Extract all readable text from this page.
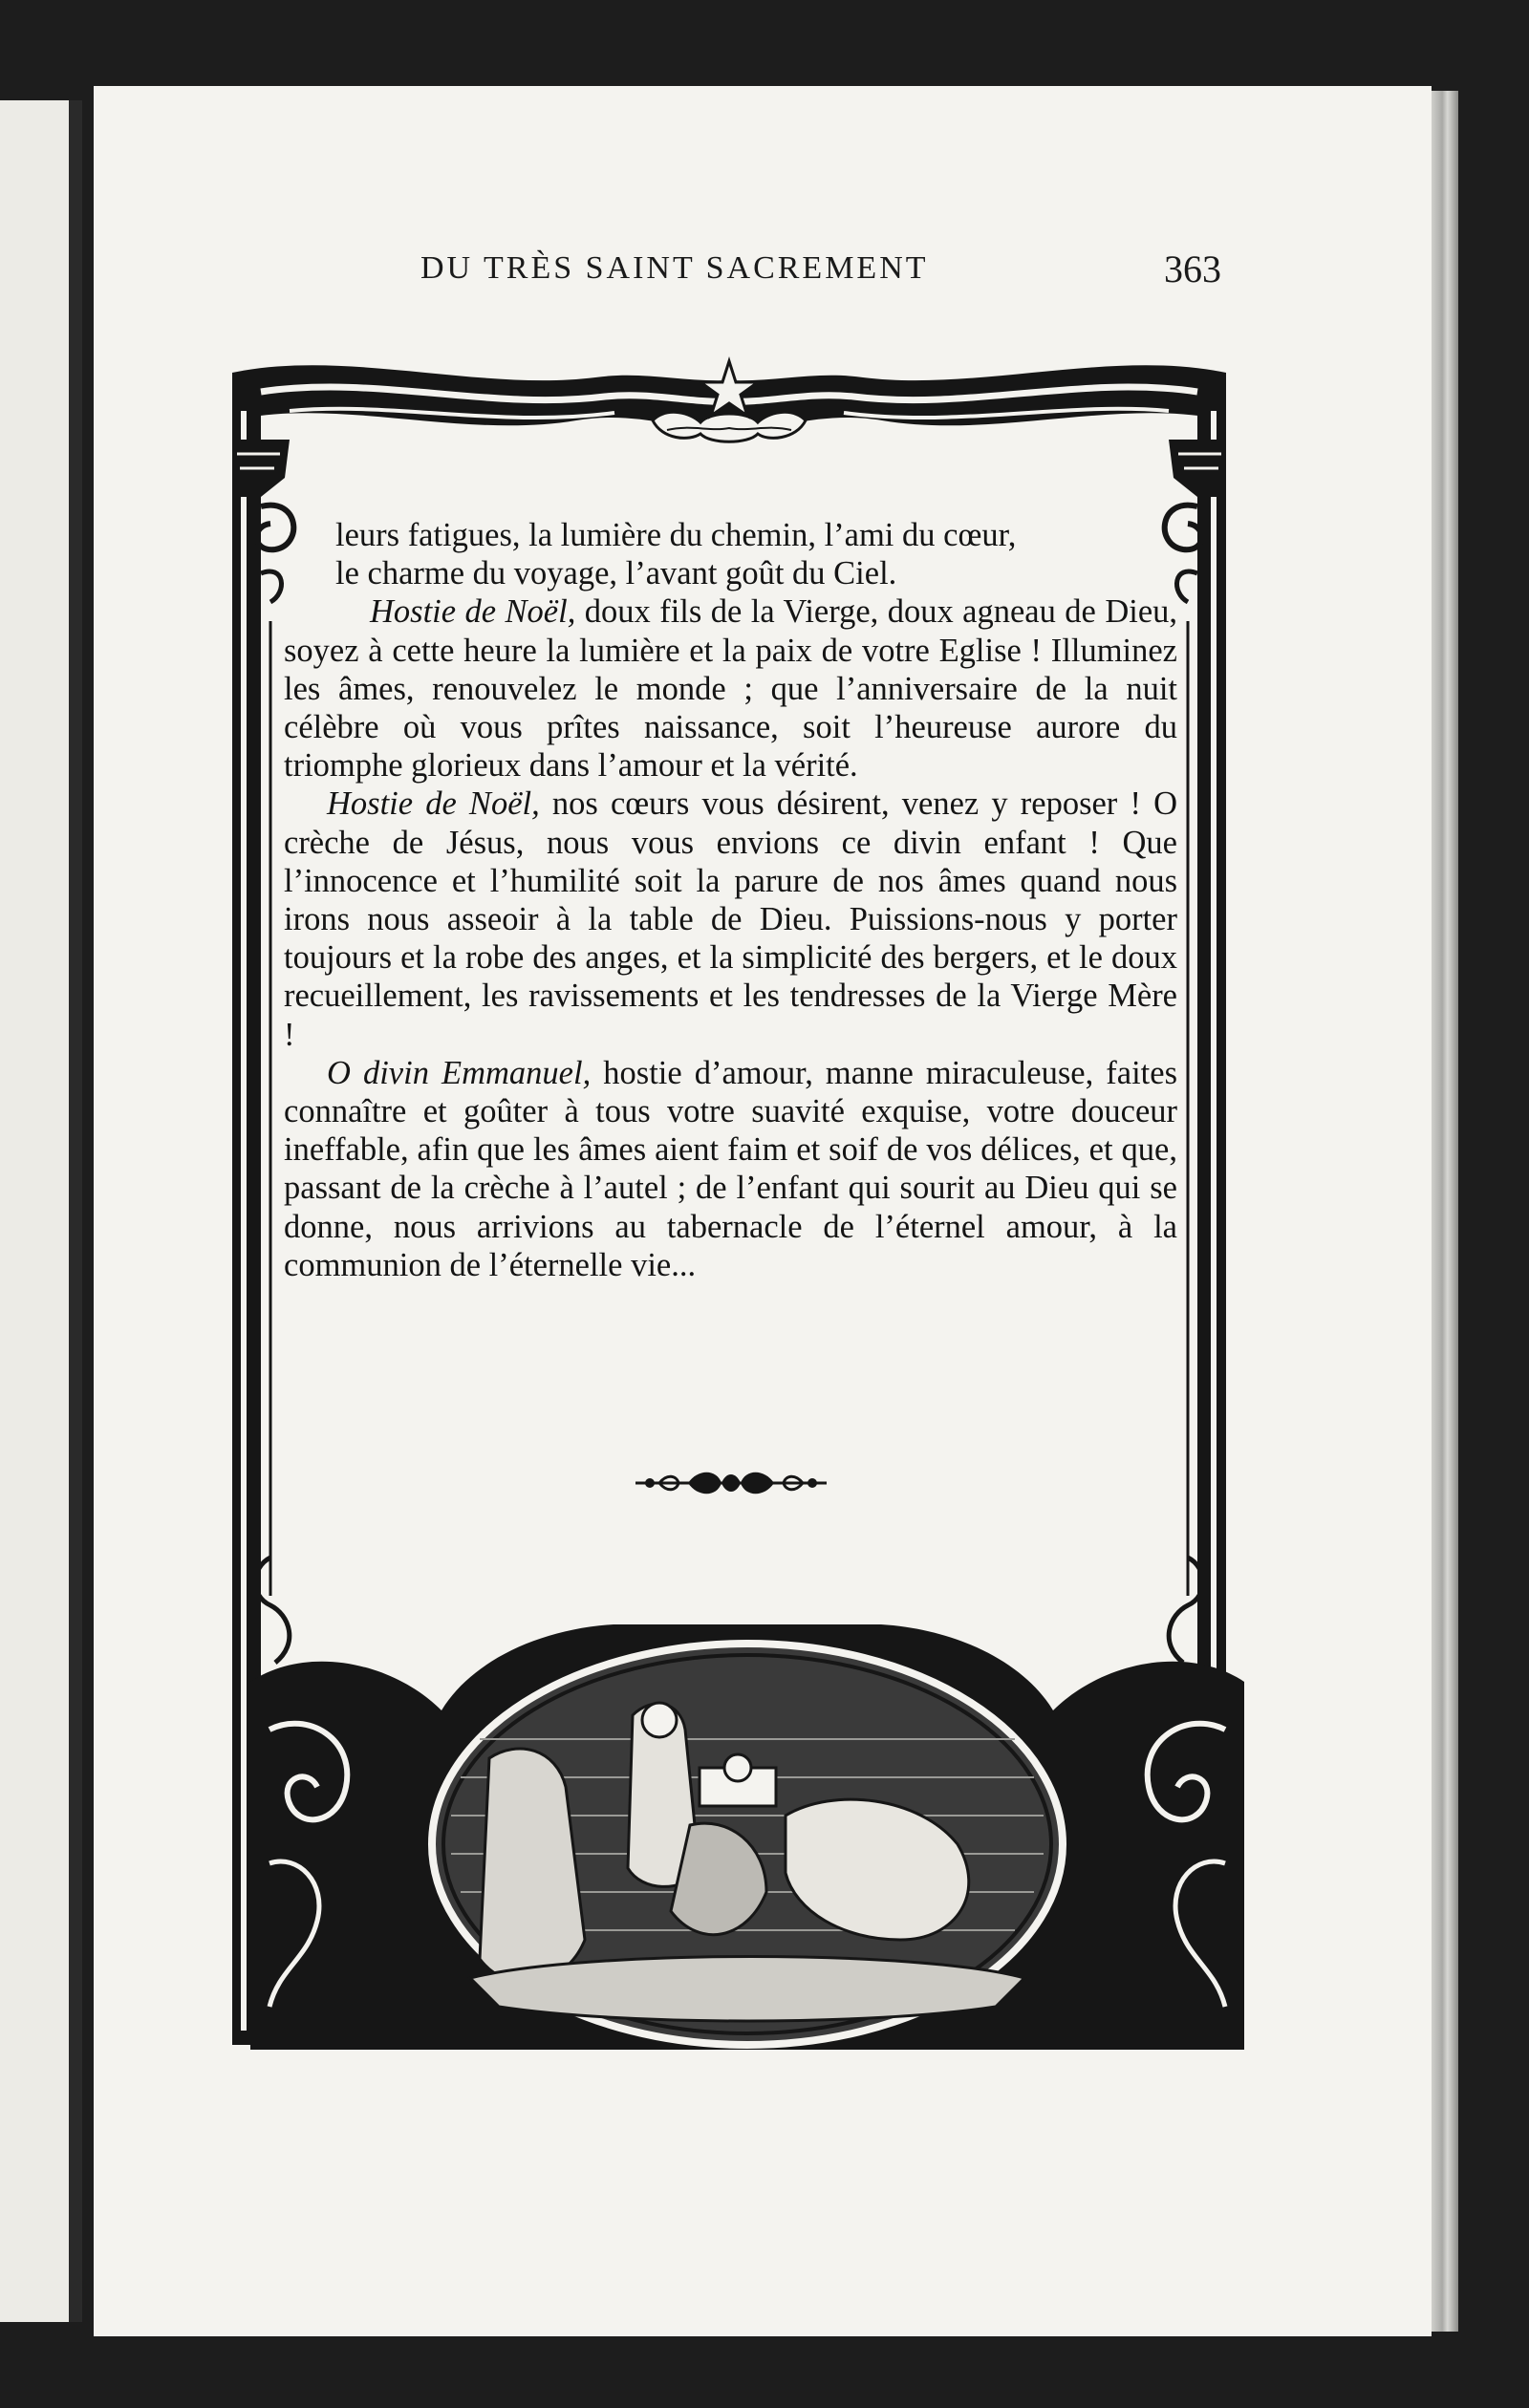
DU TRÈS SAINT SACREMENT	363

leurs fatigues, la lumière du chemin, l’ami du cœur,

le charme du voyage, l’avant goût du Ciel.

Hostie de Noël, doux fils de la Vierge, doux agneau de Dieu, soyez à cette heure la lumière et la paix de votre Eglise ! Illuminez les âmes, renouvelez le monde ; que l’anniversaire de la nuit célèbre où vous prîtes naissance, soit l’heureuse aurore du triomphe glorieux dans l’amour et la vérité.

Hostie de Noël, nos cœurs vous désirent, venez y reposer ! O crèche de Jésus, nous vous envions ce divin enfant ! Que l’innocence et l’humilité soit la parure de nos âmes quand nous irons nous asseoir à la table de Dieu. Puissions-nous y porter toujours et la robe des anges, et la simplicité des bergers, et le doux recueillement, les ravissements et les tendresses de la Vierge Mère !

O divin Emmanuel, hostie d’amour, manne miraculeuse, faites connaître et goûter à tous votre suavité exquise, votre douceur ineffable, afin que les âmes aient faim et soif de vos délices, et que, passant de la crèche à l’autel ; de l’enfant qui sourit au Dieu qui se donne, nous arrivions au tabernacle de l’éternel amour, à la communion de l’éternelle vie...
